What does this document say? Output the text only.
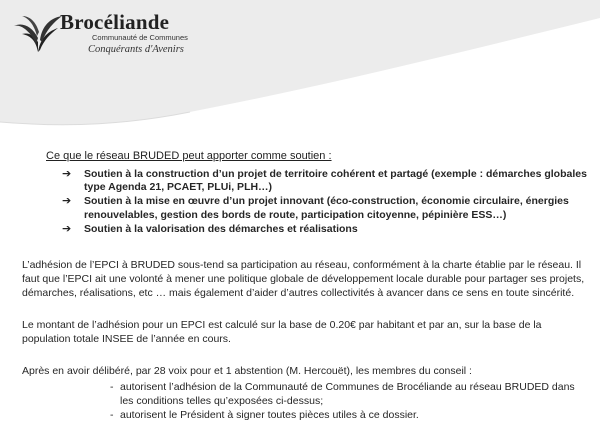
Brocéliande
Communauté de Communes
Conquérants d'Avenirs
Ce que le réseau BRUDED peut apporter comme soutien :
➔	Soutien à la construction d’un projet de territoire cohérent et partagé (exemple : démarches globales type Agenda 21, PCAET, PLUi, PLH…)
➔	Soutien à la mise en œuvre d’un projet innovant (éco-construction, économie circulaire, énergies renouvelables, gestion des bords de route, participation citoyenne, pépinière ESS…)
➔	Soutien à la valorisation des démarches et réalisations
L’adhésion de l’EPCI à BRUDED sous-tend sa participation au réseau, conformément à la charte établie par le réseau. Il faut que l’EPCI ait une volonté à mener une politique globale de développement locale durable pour partager ses projets, démarches, réalisations, etc … mais également d’aider d’autres collectivités à avancer dans ce sens en toute sincérité.
Le montant de l’adhésion pour un EPCI est calculé sur la base de 0.20€ par habitant et par an, sur la base de la population totale INSEE de l’année en cours.
Après en avoir délibéré, par 28 voix pour et 1 abstention (M. Hercouët), les membres du conseil :
- autorisent l’adhésion de la Communauté de Communes de Brocéliande au réseau BRUDED dans les conditions telles qu’exposées ci-dessus;
- autorisent le Président à signer toutes pièces utiles à ce dossier.
